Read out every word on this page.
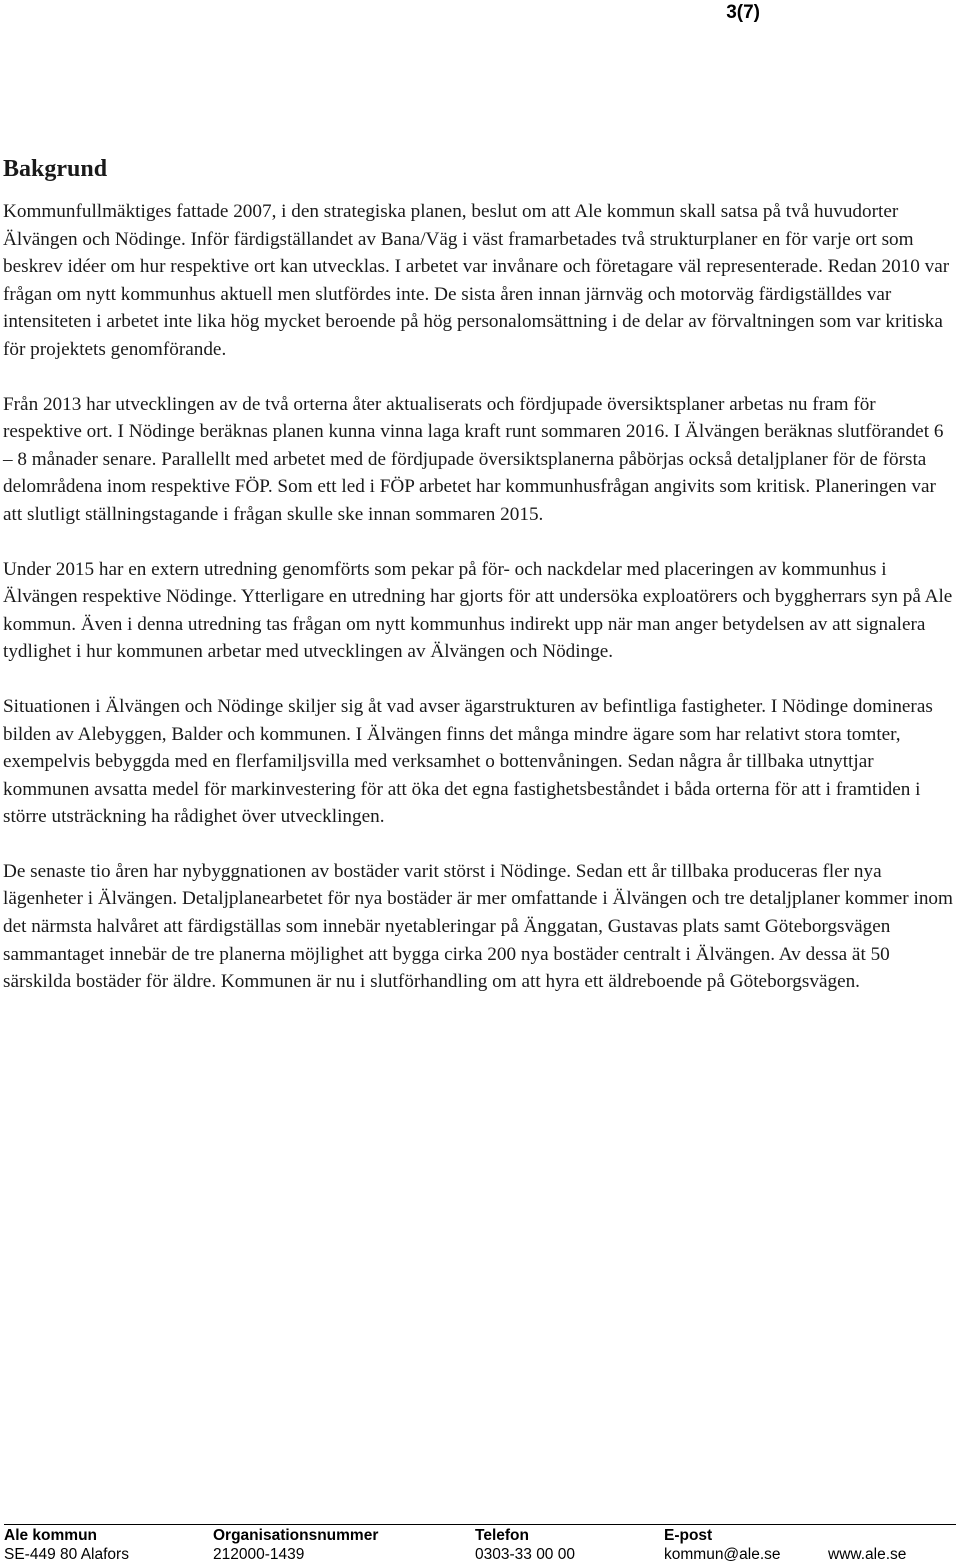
3(7)
Bakgrund

Kommunfullmäktiges fattade 2007, i den strategiska planen, beslut om att Ale kommun skall satsa på två huvudorter Älvängen och Nödinge. Inför färdigställandet av Bana/Väg i väst framarbetades två strukturplaner en för varje ort som beskrev idéer om hur respektive ort kan utvecklas. I arbetet var invånare och företagare väl representerade. Redan 2010 var frågan om nytt kommunhus aktuell men slutfördes inte. De sista åren innan järnväg och motorväg färdigställdes var intensiteten i arbetet inte lika hög mycket beroende på hög personalomsättning i de delar av förvaltningen som var kritiska för projektets genomförande.

Från 2013 har utvecklingen av de två orterna åter aktualiserats och fördjupade översiktsplaner arbetas nu fram för respektive ort. I Nödinge beräknas planen kunna vinna laga kraft runt sommaren 2016. I Älvängen beräknas slutförandet 6 – 8 månader senare. Parallellt med arbetet med de fördjupade översiktsplanerna påbörjas också detaljplaner för de första delområdena inom respektive FÖP. Som ett led i FÖP arbetet har kommunhusfrågan angivits som kritisk. Planeringen var att slutligt ställningstagande i frågan skulle ske innan sommaren 2015.

Under 2015 har en extern utredning genomförts som pekar på för- och nackdelar med placeringen av kommunhus i Älvängen respektive Nödinge. Ytterligare en utredning har gjorts för att undersöka exploatörers och byggherrars syn på Ale kommun. Även i denna utredning tas frågan om nytt kommunhus indirekt upp när man anger betydelsen av att signalera tydlighet i hur kommunen arbetar med utvecklingen av Älvängen och Nödinge.

Situationen i Älvängen och Nödinge skiljer sig åt vad avser ägarstrukturen av befintliga fastigheter. I Nödinge domineras bilden av Alebyggen, Balder och kommunen. I Älvängen finns det många mindre ägare som har relativt stora tomter, exempelvis bebyggda med en flerfamiljsvilla med verksamhet o bottenvåningen. Sedan några år tillbaka utnyttjar kommunen avsatta medel för markinvestering för att öka det egna fastighetsbeståndet i båda orterna för att i framtiden i större utsträckning ha rådighet över utvecklingen.

De senaste tio åren har nybyggnationen av bostäder varit störst i Nödinge. Sedan ett år tillbaka produceras fler nya lägenheter i Älvängen. Detaljplanearbetet för nya bostäder är mer omfattande i Älvängen och tre detaljplaner kommer inom det närmsta halvåret att färdigställas som innebär nyetableringar på Änggatan, Gustavas plats samt Göteborgsvägen sammantaget innebär de tre planerna möjlighet att bygga cirka 200 nya bostäder centralt i Älvängen. Av dessa ät 50 särskilda bostäder för äldre. Kommunen är nu i slutförhandling om att hyra ett äldreboende på Göteborgsvägen.

Ale kommun	Organisationsnummer	Telefon	E-post
SE-449 80 Alafors	212000-1439	0303-33 00 00	kommun@ale.se	www.ale.se
